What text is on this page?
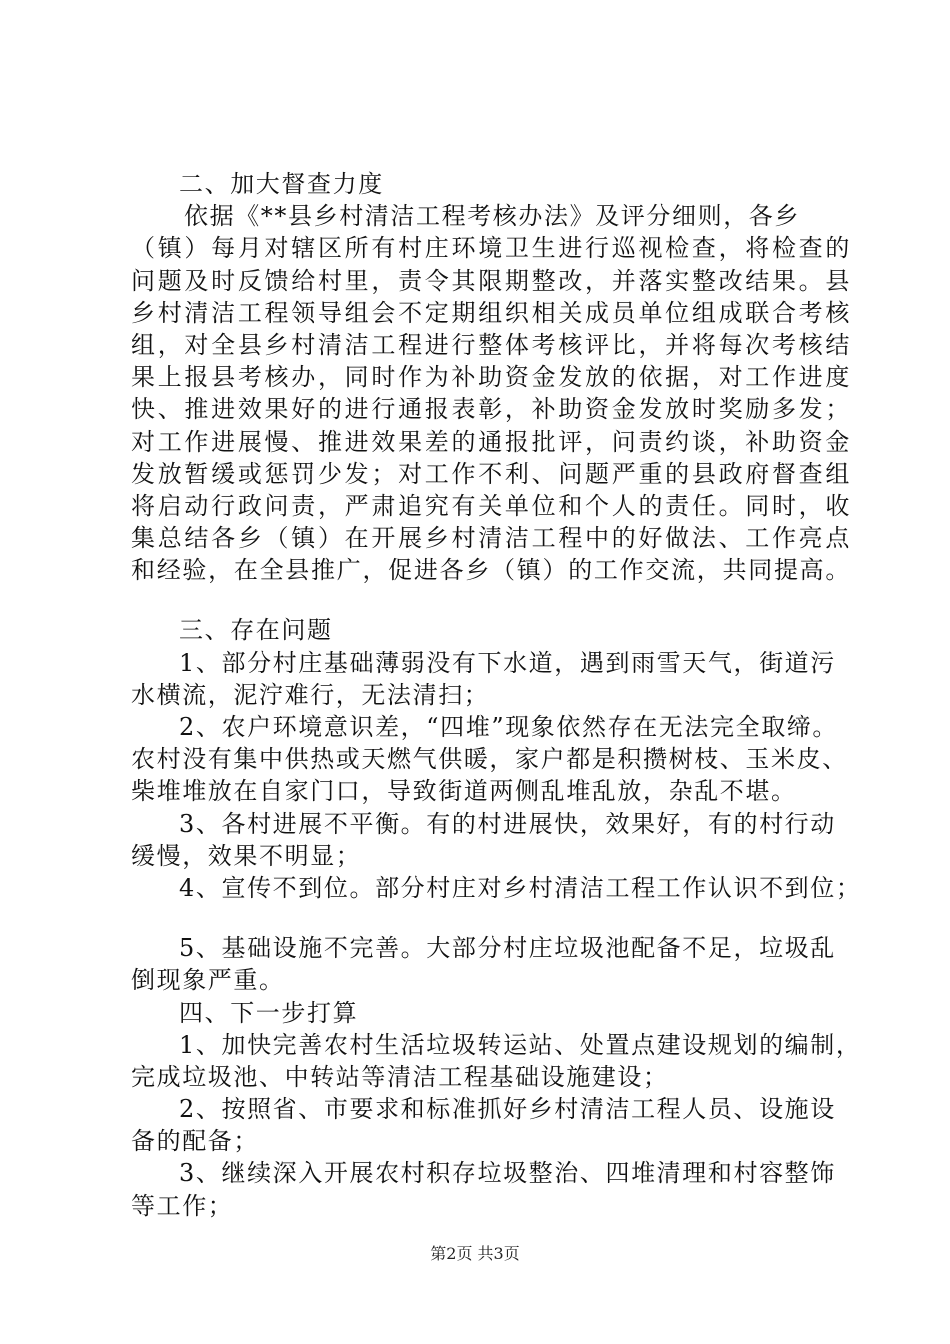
二、加大督查力度
依据《**县乡村清洁工程考核办法》及评分细则，各乡
（镇）每月对辖区所有村庄环境卫生进行巡视检查，将检查的
问题及时反馈给村里，责令其限期整改，并落实整改结果。县
乡村清洁工程领导组会不定期组织相关成员单位组成联合考核
组，对全县乡村清洁工程进行整体考核评比，并将每次考核结
果上报县考核办，同时作为补助资金发放的依据，对工作进度
快、推进效果好的进行通报表彰，补助资金发放时奖励多发；
对工作进展慢、推进效果差的通报批评，问责约谈，补助资金
发放暂缓或惩罚少发；对工作不利、问题严重的县政府督查组
将启动行政问责，严肃追究有关单位和个人的责任。同时，收
集总结各乡（镇）在开展乡村清洁工程中的好做法、工作亮点
和经验，在全县推广，促进各乡（镇）的工作交流，共同提高。
三、存在问题
1、部分村庄基础薄弱没有下水道，遇到雨雪天气，街道污
水横流，泥泞难行，无法清扫；
2、农户环境意识差，“四堆”现象依然存在无法完全取缔。
农村没有集中供热或天燃气供暖，家户都是积攒树枝、玉米皮、
柴堆堆放在自家门口，导致街道两侧乱堆乱放，杂乱不堪。
3、各村进展不平衡。有的村进展快，效果好，有的村行动
缓慢，效果不明显；
4、宣传不到位。部分村庄对乡村清洁工程工作认识不到位；
5、基础设施不完善。大部分村庄垃圾池配备不足，垃圾乱
倒现象严重。
四、下一步打算
1、加快完善农村生活垃圾转运站、处置点建设规划的编制，
完成垃圾池、中转站等清洁工程基础设施建设；
2、按照省、市要求和标准抓好乡村清洁工程人员、设施设
备的配备；
3、继续深入开展农村积存垃圾整治、四堆清理和村容整饰
等工作；
第2页 共3页
